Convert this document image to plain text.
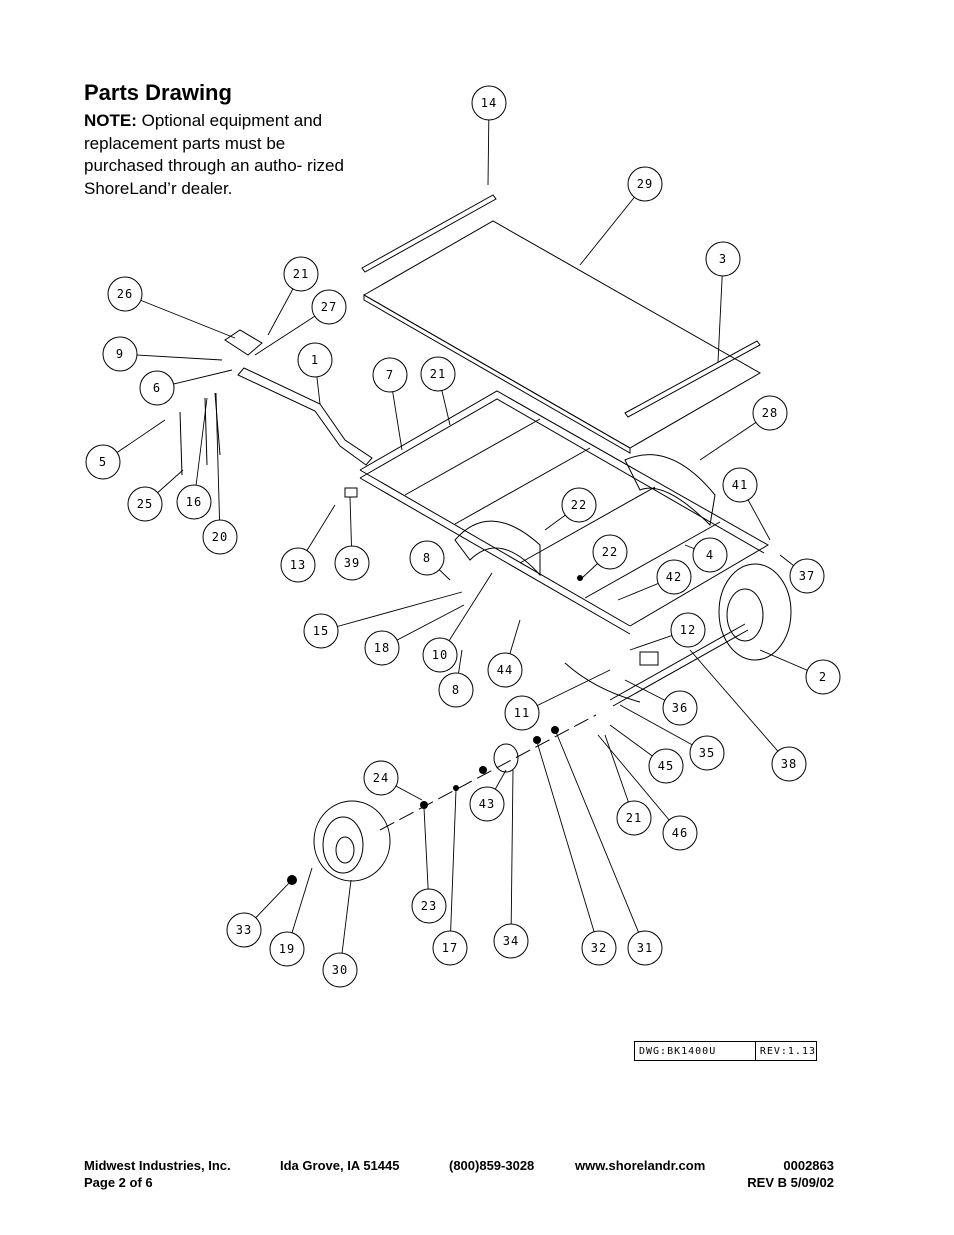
Parts Drawing
NOTE: Optional equipment and replacement parts must be purchased through an autho- rized ShoreLand’r dealer.
14
29
3
21
26
27
9	1
6
7	21
5
28
25	16
20
41
22
13	39	8	22	4
37
42
15
18	10
12
8
44	2
11	36
35
45	38
24
43
21
46
23
33
17	34	32 31
19
30
DWG:BK1400U	REV:1.13
Midwest Industries, Inc.	Ida Grove, IA 51445	(800)859-3028	www.shorelandr.com	0002863
Page 2 of 6	REV B 5/09/02
